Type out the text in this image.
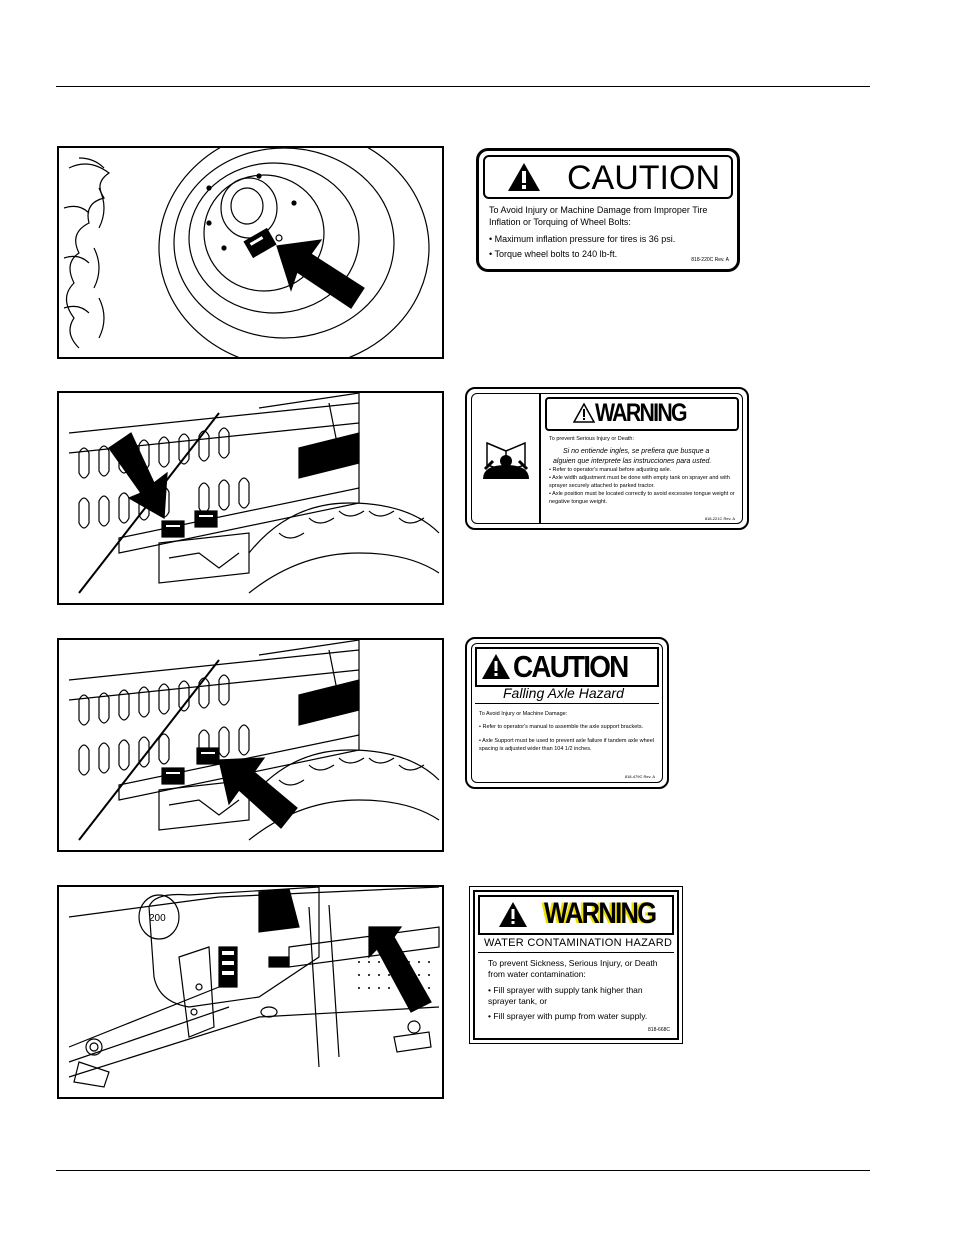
CAUTION
To Avoid Injury or Machine Damage from Improper Tire
Inflation or Torquing of Wheel Bolts:
• Maximum inflation pressure for tires is 36 psi.
• Torque wheel bolts to 240 lb-ft.
818-220C Rev. A
WARNING
To prevent Serious Injury or Death:
Si no entiende ingles, se prefiera que busque a
alguien que interprete las instrucciones para usted.
• Refer to operator's manual before adjusting axle.
• Axle width adjustment must be done with empty tank on sprayer and with sprayer securely attached to parked tractor.
• Axle position must be located correctly to avoid excessive tongue weight or negative tongue weight.
818-221C Rev. A
CAUTION
Falling Axle Hazard
To Avoid Injury or Machine Damage:
• Refer to operator's manual to assemble the axle support brackets.
• Axle Support must be used to prevent axle failure if tandem axle wheel spacing is adjusted wider than 104 1/2 inches.
818-479C Rev. A
200	WARNING
WATER CONTAMINATION HAZARD
To prevent Sickness, Serious Injury, or Death
from water contamination:
• Fill sprayer with supply tank higher than sprayer tank, or
• Fill sprayer with pump from water supply.
818-668C
